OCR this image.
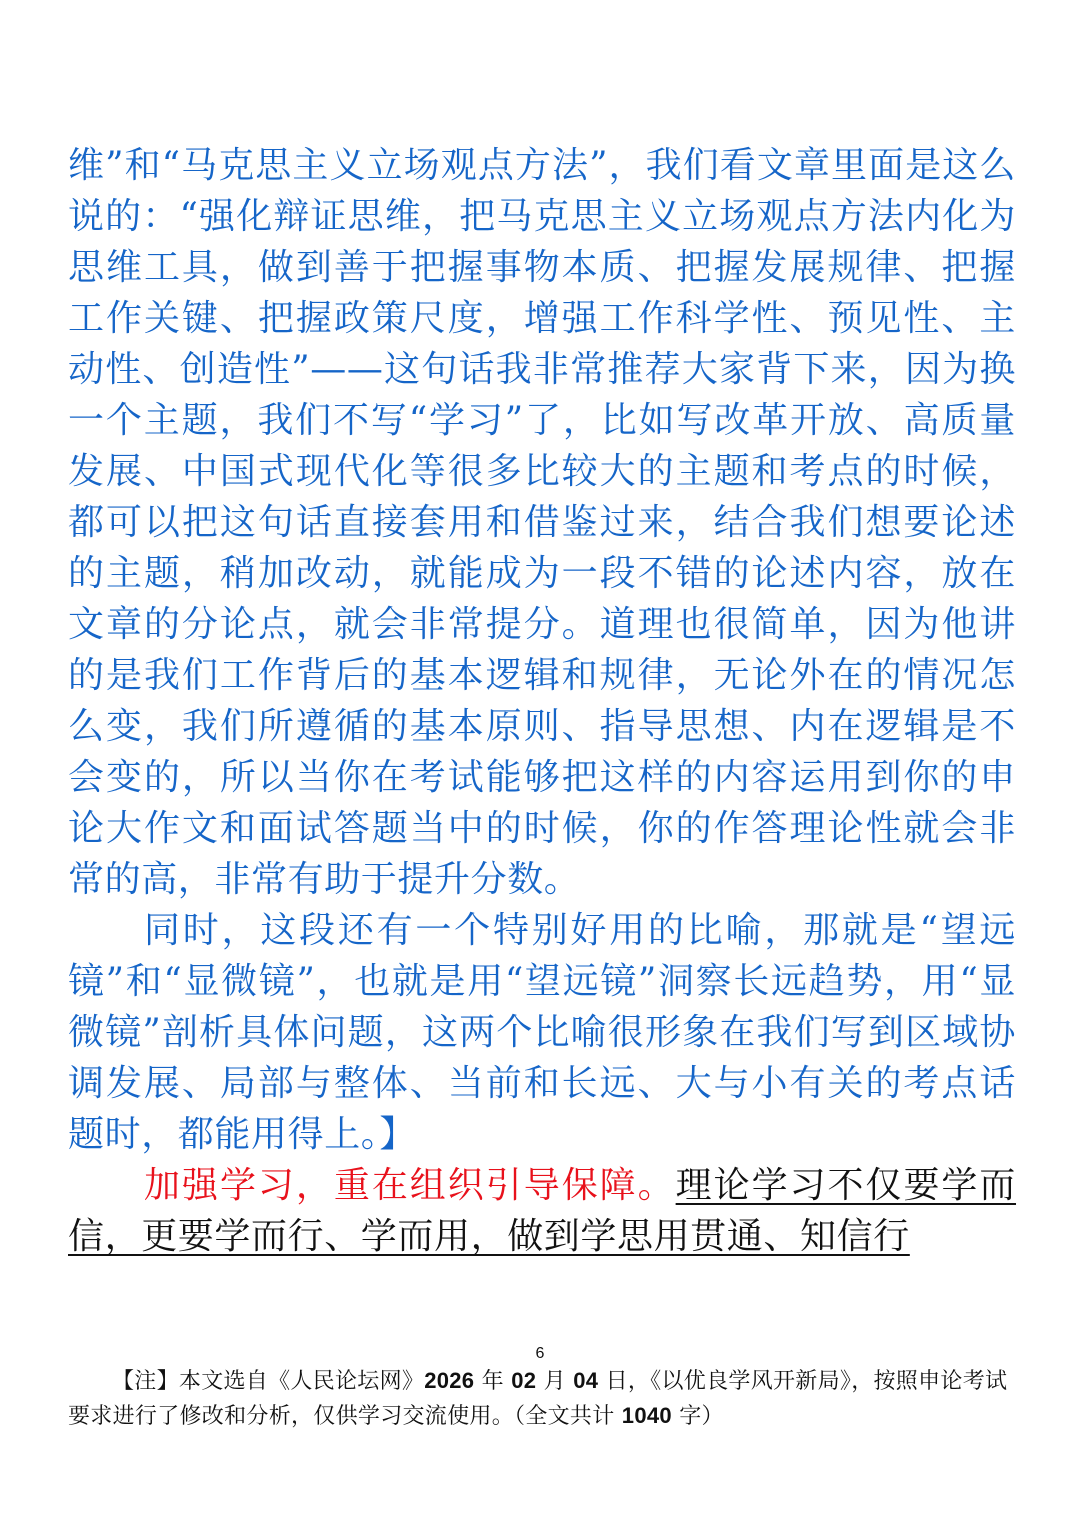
维”和“马克思主义立场观点方法”，我们看文章里面是这么说的：“强化辩证思维，把马克思主义立场观点方法内化为思维工具，做到善于把握事物本质、把握发展规律、把握工作关键、把握政策尺度，增强工作科学性、预见性、主动性、创造性”——这句话我非常推荐大家背下来，因为换一个主题，我们不写“学习”了，比如写改革开放、高质量发展、中国式现代化等很多比较大的主题和考点的时候，都可以把这句话直接套用和借鉴过来，结合我们想要论述的主题，稍加改动，就能成为一段不错的论述内容，放在文章的分论点，就会非常提分。道理也很简单，因为他讲的是我们工作背后的基本逻辑和规律，无论外在的情况怎么变，我们所遵循的基本原则、指导思想、内在逻辑是不会变的，所以当你在考试能够把这样的内容运用到你的申论大作文和面试答题当中的时候，你的作答理论性就会非常的高，非常有助于提升分数。

同时，这段还有一个特别好用的比喻，那就是“望远镜”和“显微镜”，也就是用“望远镜”洞察长远趋势，用“显微镜”剖析具体问题，这两个比喻很形象在我们写到区域协调发展、局部与整体、当前和长远、大与小有关的考点话题时，都能用得上。】

加强学习，重在组织引导保障。理论学习不仅要学而信，更要学而行、学而用，做到学思用贯通、知信行

6

【注】本文选自《人民论坛网》2026 年 02 月 04 日，《以优良学风开新局》，按照申论考试要求进行了修改和分析，仅供学习交流使用。（全文共计 1040 字）
